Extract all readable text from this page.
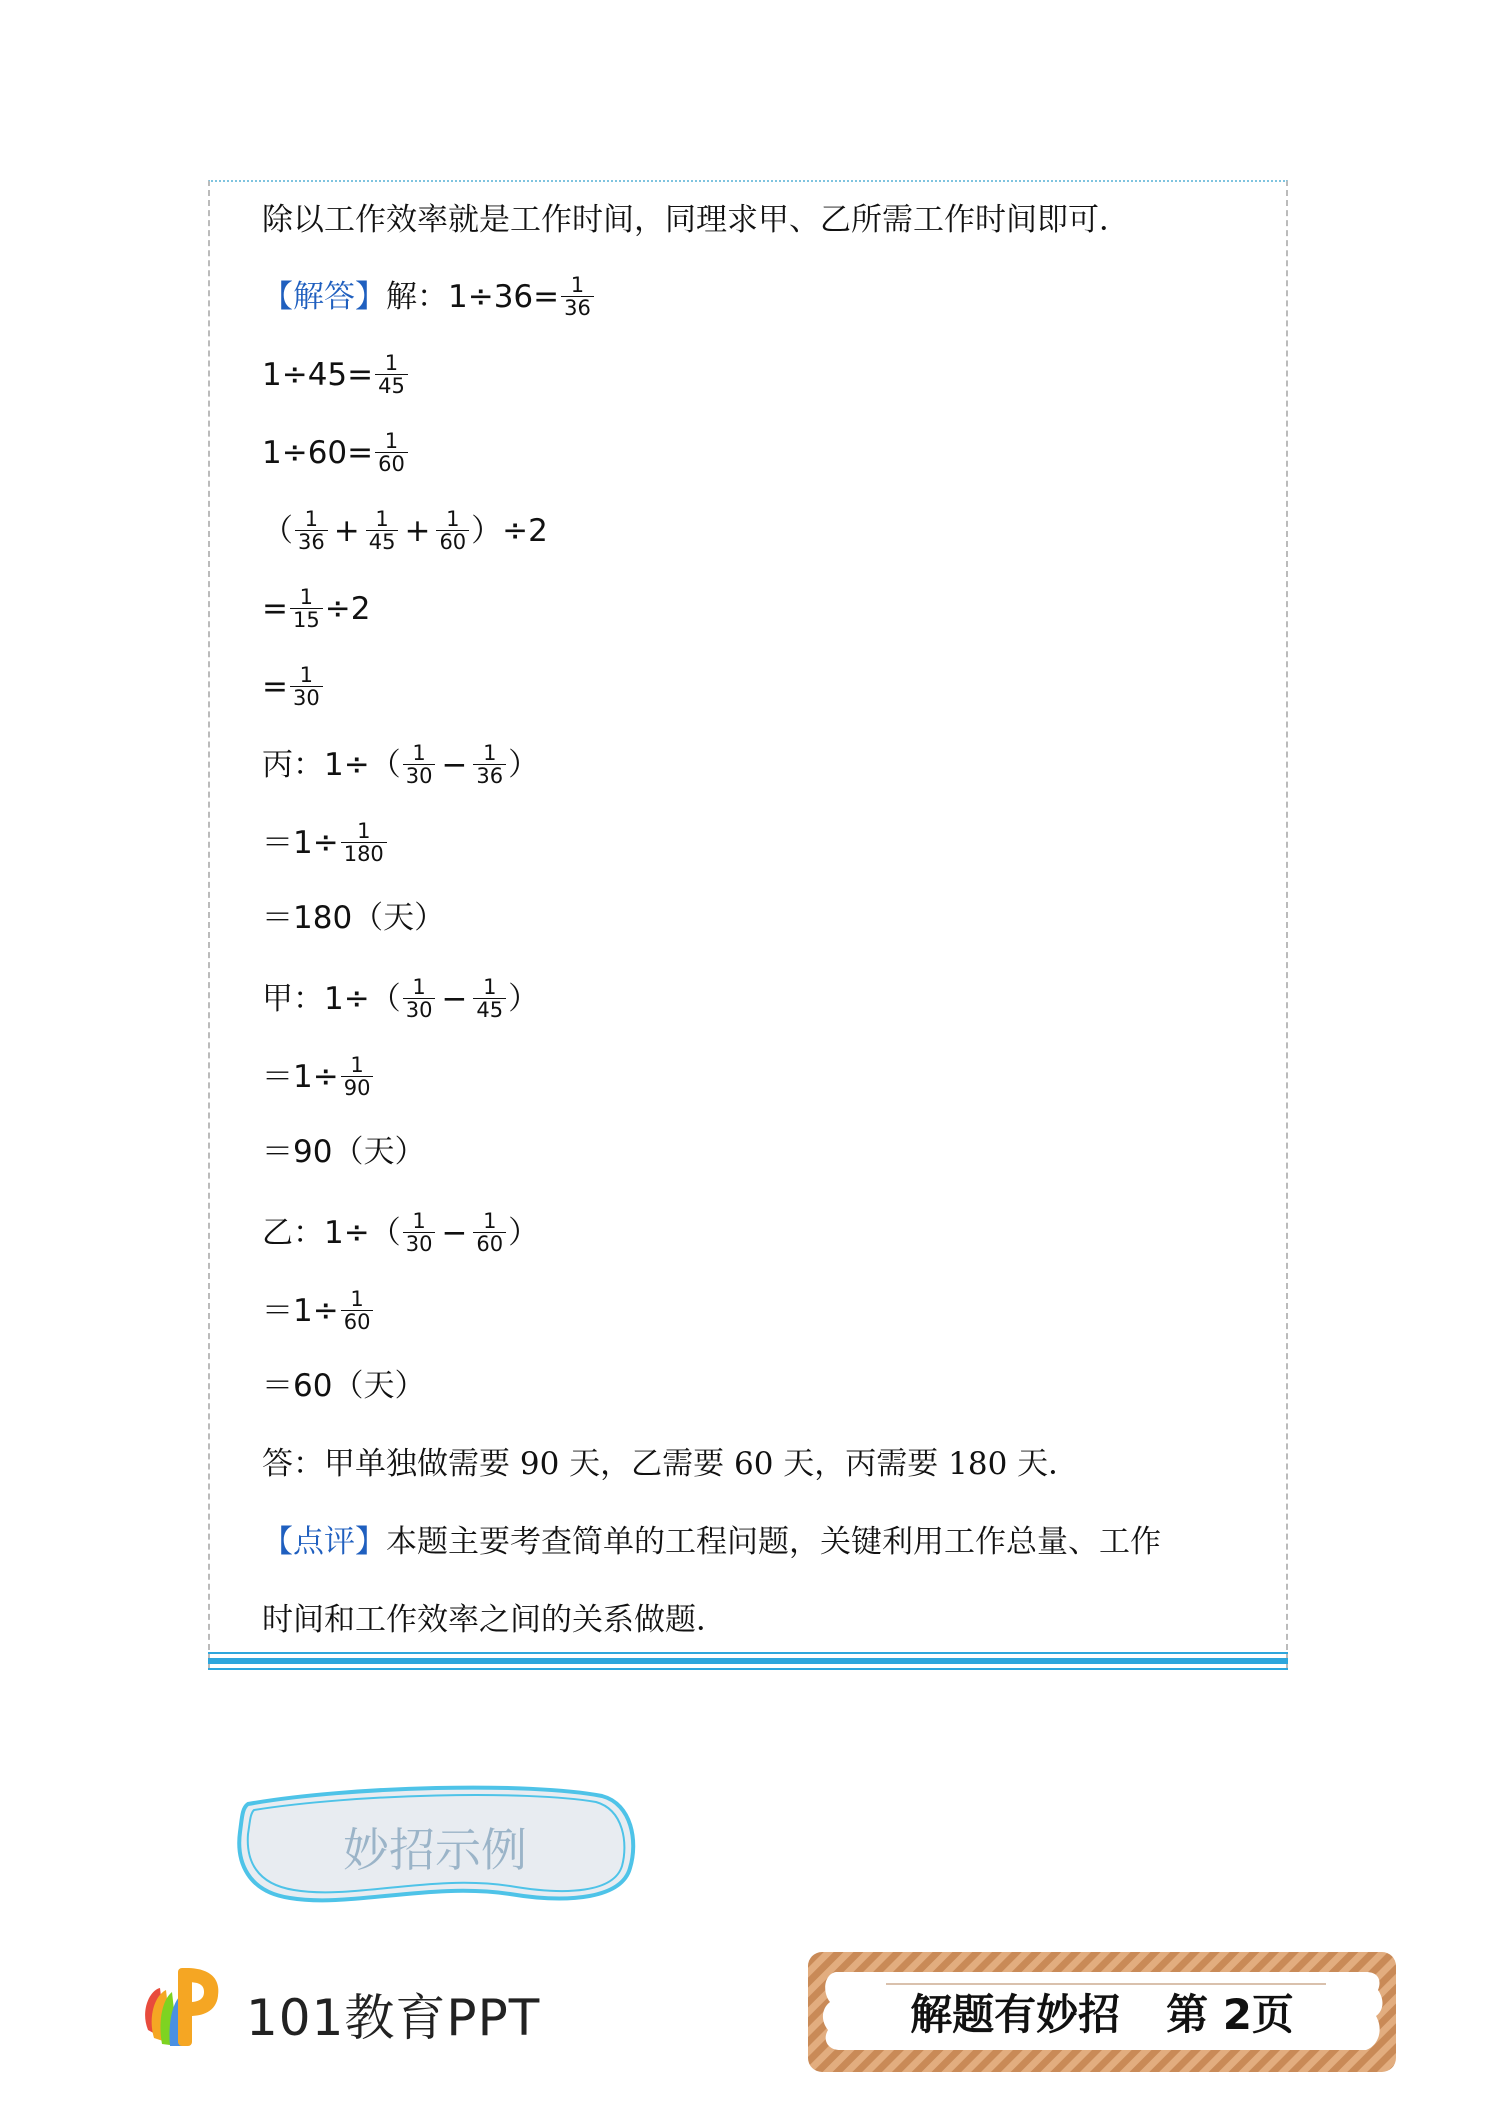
除以工作效率就是工作时间，同理求甲、乙所需工作时间即可．
【解答】 解： $1\div 36= \frac{1}{36}$
$1\div 45= \frac{1}{45}$
$1\div 60= \frac{1}{60}$
（ $\frac{1}{36} + \frac{1}{45} + \frac{1}{60}$ ） ÷2
= $\frac{1}{15} \div 2$
= $\frac{1}{30}$
丙： 1÷ （ $\frac{1}{30} - \frac{1}{36}$ ）
$=1\div \frac{1}{180}$
＝180（天）
甲： 1÷ （ $\frac{1}{30} - \frac{1}{45}$ ）
$=1\div \frac{1}{90}$
＝90（天）
乙： 1÷ （ $\frac{1}{30} - \frac{1}{60}$ ）
$=1\div \frac{1}{60}$
＝60（天）
答：甲单独做需要 90 天，乙需要 60 天，丙需要 180 天．
【点评】 本题主要考查简单的工程问题，关键利用工作总量、工作
时间和工作效率之间的关系做题．
妙招示例
101教育PPT	解题有妙招 第 2页
